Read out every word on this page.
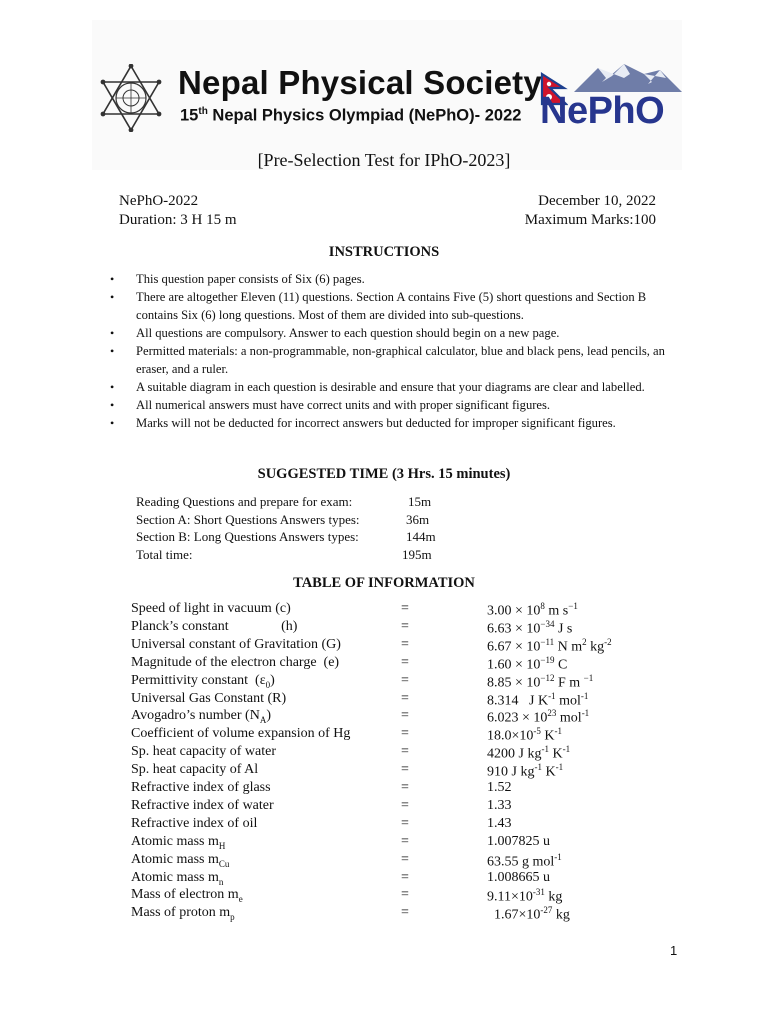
Nepal Physical Society
15th Nepal Physics Olympiad (NePhO)- 2022 NePhO
[Pre-Selection Test for IPhO-2023]
NePhO-2022	December 10, 2022
Duration: 3 H 15 m	Maximum Marks:100
INSTRUCTIONS
• This question paper consists of Six (6) pages.
• There are altogether Eleven (11) questions. Section A contains Five (5) short questions and Section B contains Six (6) long questions. Most of them are divided into sub-questions.
• All questions are compulsory. Answer to each question should begin on a new page.
• Permitted materials: a non-programmable, non-graphical calculator, blue and black pens, lead pencils, an eraser, and a ruler.
• A suitable diagram in each question is desirable and ensure that your diagrams are clear and labelled.
• All numerical answers must have correct units and with proper significant figures.
• Marks will not be deducted for incorrect answers but deducted for improper significant figures.
SUGGESTED TIME (3 Hrs. 15 minutes)
Reading Questions and prepare for exam:	15m
Section A: Short Questions Answers types:	36m
Section B: Long Questions Answers types:	144m
Total time:	195m
TABLE OF INFORMATION
Speed of light in vacuum (c)	=	$3.00 \times 10^8$ m $s^{-1}$
Planck’s constant               (h)	=	$6.63 \times 10^{-34}$ J s
Universal constant of Gravitation (G)	=	$6.67 \times 10^{-11}$ N $m^2$ $kg^{-2}$
Magnitude of the electron charge  (e)	=	$1.60 \times 10^{-19}$ C
Permittivity constant  $(\varepsilon_0)$	=	$8.85 \times 10^{-12}$ F m $^{-1}$
Universal Gas Constant (R)	=	8.314   J $K^{-1}$ mol$^{-1}$
Avogadro’s number $(N_A)$	=	$6.023 \times 10^{23}$ mol$^{-1}$
Coefficient of volume expansion of Hg	=	$18.0\times 10^{-5}$ $K^{-1}$
Sp. heat capacity of water	=	4200 J $kg^{-1}$ $K^{-1}$
Sp. heat capacity of Al	=	910 J $kg^{-1}$ $K^{-1}$
Refractive index of glass	=	1.52
Refractive index of water	=	1.33
Refractive index of oil	=	1.43
Atomic mass $m_H$	=	1.007825 u
Atomic mass $m_{Cu}$	=	63.55 g mol$^{-1}$
Atomic mass $m_n$	=	1.008665 u
Mass of electron $m_e$	=	$9.11\times 10^{-31}$ kg
Mass of proton $m_p$	=	$1.67\times 10^{-27}$ kg
1
